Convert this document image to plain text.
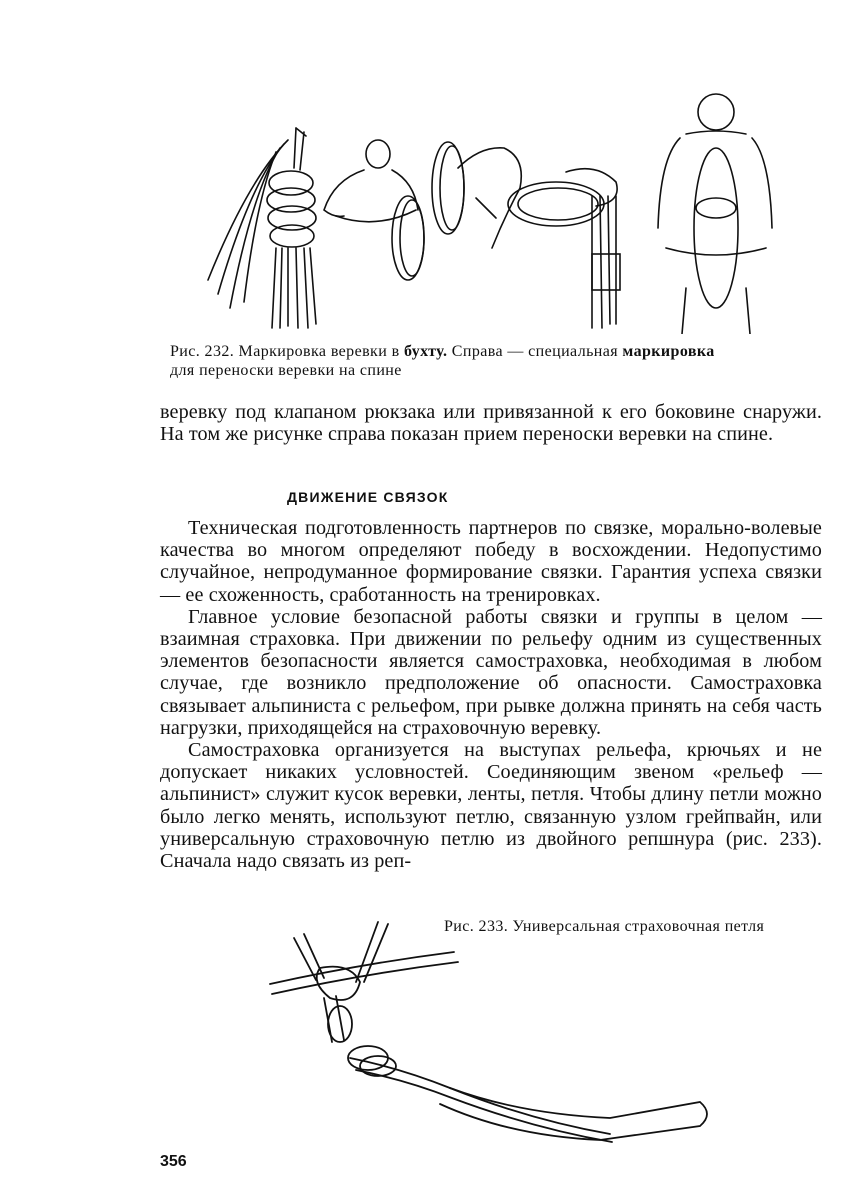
Рис. 232. Маркировка веревки в бухту. Справа — специальная маркировка
для переноски веревки на спине

веревку под клапаном рюкзака или привязанной к его боковине снаружи. На том же рисунке справа показан прием переноски веревки на спине.

ДВИЖЕНИЕ СВЯЗОК

Техническая подготовленность партнеров по связке, морально-волевые качества во многом определяют победу в восхождении. Недопустимо случайное, непродуманное формирование связки. Гарантия успеха связки — ее схоженность, сработанность на тренировках.

Главное условие безопасной работы связки и группы в целом — взаимная страховка. При движении по рельефу одним из существенных элементов безопасности является самостраховка, необходимая в любом случае, где возникло предположение об опасности. Самостраховка связывает альпиниста с рельефом, при рывке должна принять на себя часть нагрузки, приходящейся на страховочную веревку.

Самостраховка организуется на выступах рельефа, крючьях и не допускает никаких условностей. Соединяющим звеном «рельеф — альпинист» служит кусок веревки, ленты, петля. Чтобы длину петли можно было легко менять, используют петлю, связанную узлом грейпвайн, или универсальную страховочную петлю из двойного репшнура (рис. 233). Сначала надо связать из реп-

Рис. 233. Универсальная страховочная петля
356
